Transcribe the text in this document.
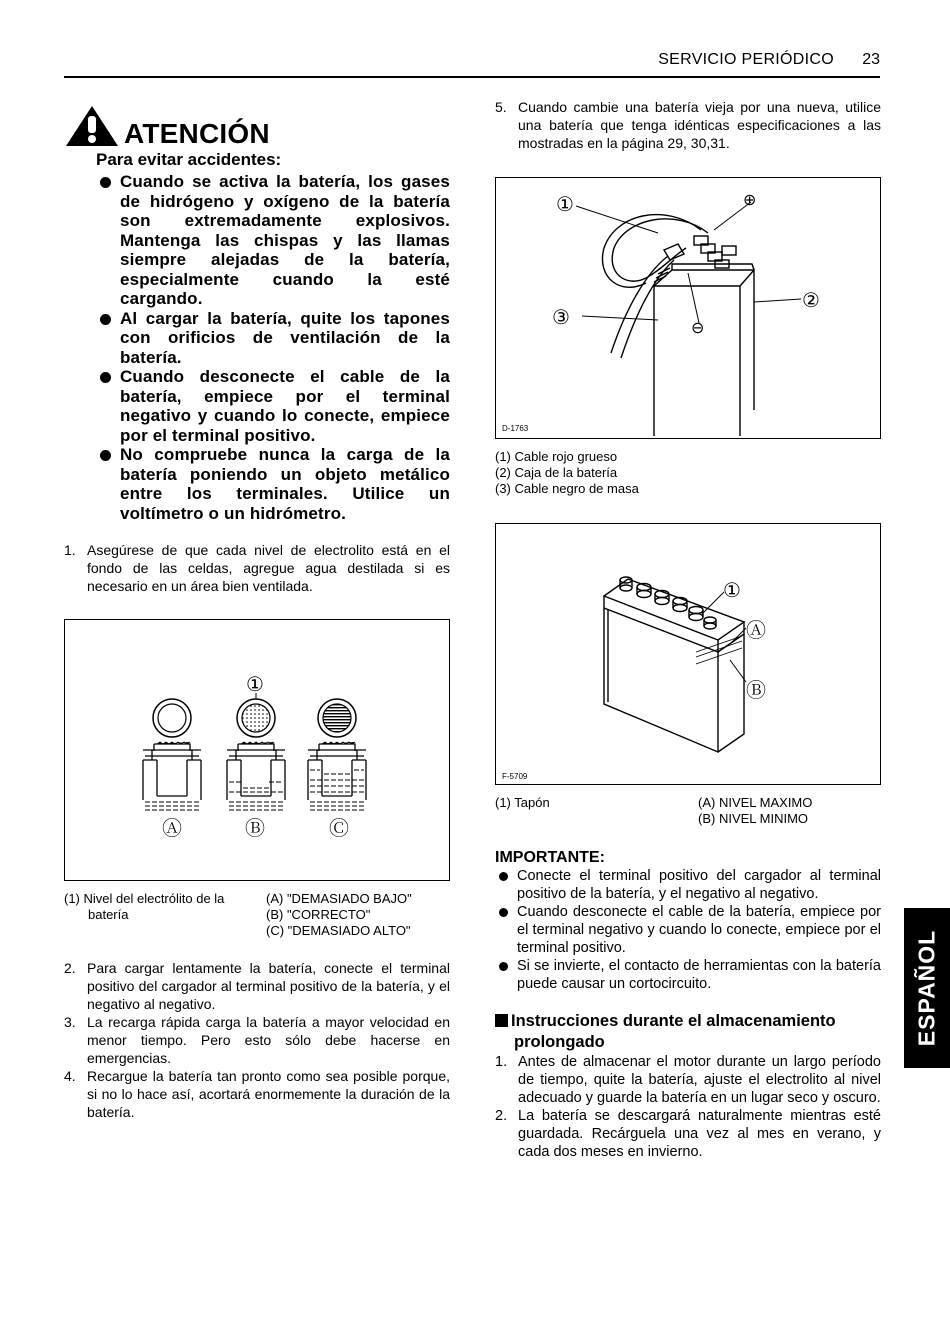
SERVICIO PERIÓDICO 23
ATENCIÓN
Para evitar accidentes:
Cuando se activa la batería, los gases de hidrógeno y oxígeno de la batería son extremadamente explosivos. Mantenga las chispas y las llamas siempre alejadas de la batería, especialmente cuando la esté cargando.
Al cargar la batería, quite los tapones con orificios de ventilación de la batería.
Cuando desconecte el cable de la batería, empiece por el terminal negativo y cuando lo conecte, empiece por el terminal positivo.
No compruebe nunca la carga de la batería poniendo un objeto metálico entre los terminales. Utilice un voltímetro o un hidrómetro.
1. Asegúrese de que cada nivel de electrolito está en el fondo de las celdas, agregue agua destilada si es necesario en un área bien ventilada.
①
Ⓐ	Ⓑ	Ⓒ
(1) Nivel del electrólito de la
batería
(A) "DEMASIADO BAJO"
(B) "CORRECTO"
(C) "DEMASIADO ALTO"
2. Para cargar lentamente la batería, conecte el terminal positivo del cargador al terminal positivo de la batería, y el negativo al negativo.
3. La recarga rápida carga la batería a mayor velocidad en menor tiempo. Pero esto sólo debe hacerse en emergencias.
4. Recargue la batería tan pronto como sea posible porque, si no lo hace así, acortará enormemente la duración de la batería.
5. Cuando cambie una batería vieja por una nueva, utilice una batería que tenga idénticas especificaciones a las mostradas en la página 29, 30,31.
①	⊕
②
③	⊖
D-1763
(1) Cable rojo grueso
(2) Caja de la batería
(3) Cable negro de masa
①
Ⓐ
Ⓑ
F-5709
(1) Tapón	(A) NIVEL MAXIMO
(B) NIVEL MINIMO
IMPORTANTE:
Conecte el terminal positivo del cargador al terminal positivo de la batería, y el negativo al negativo.
Cuando desconecte el cable de la batería, empiece por el terminal negativo y cuando lo conecte, empiece por el terminal positivo.
Si se invierte, el contacto de herramientas con la batería puede causar un cortocircuito.
Instrucciones durante el almacenamiento
prolongado
1. Antes de almacenar el motor durante un largo período de tiempo, quite la batería, ajuste el electrolito al nivel adecuado y guarde la batería en un lugar seco y oscuro.
2. La batería se descargará naturalmente mientras esté guardada. Recárguela una vez al mes en verano, y cada dos meses en invierno.
ESPAÑOL
